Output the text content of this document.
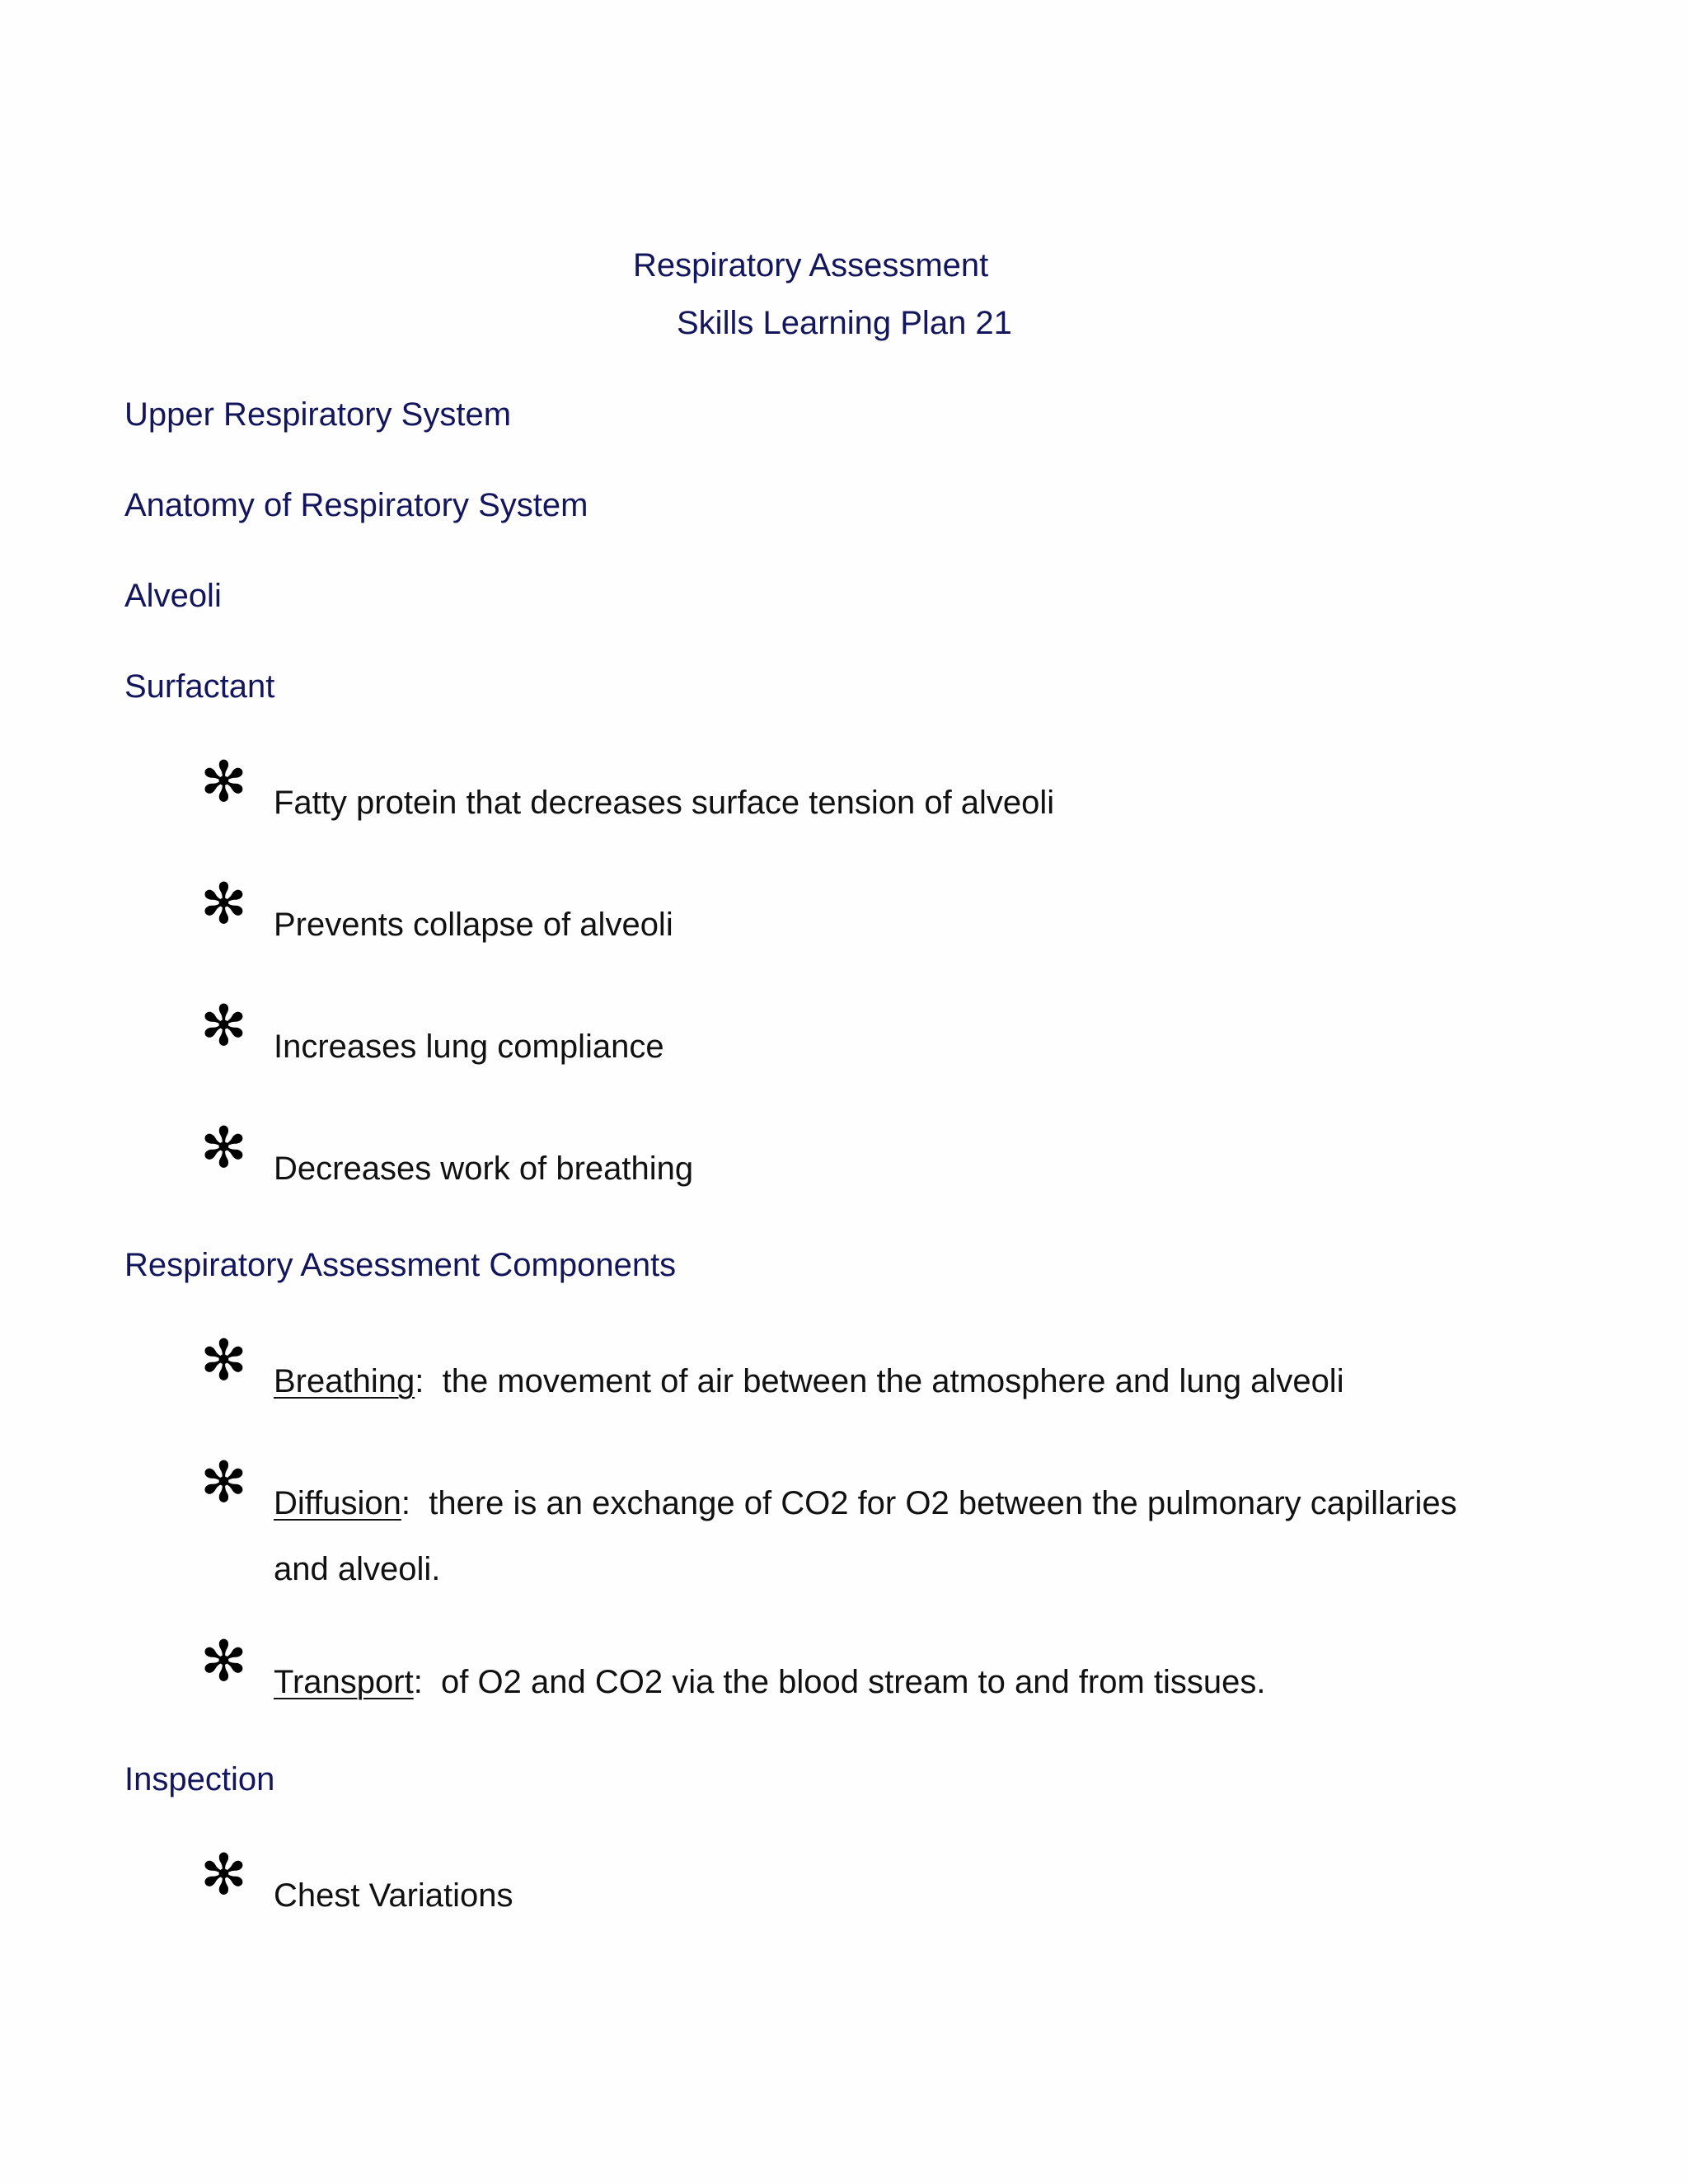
Respiratory Assessment
Skills Learning Plan 21
Upper Respiratory System
Anatomy of Respiratory System
Alveoli
Surfactant
✻ Fatty protein that decreases surface tension of alveoli
✻ Prevents collapse of alveoli
✻ Increases lung compliance
✻ Decreases work of breathing
Respiratory Assessment Components
✻ Breathing:  the movement of air between the atmosphere and lung alveoli
✻ Diffusion:  there is an exchange of CO2 for O2 between the pulmonary capillaries
and alveoli.
✻ Transport:  of O2 and CO2 via the blood stream to and from tissues.
Inspection
✻ Chest Variations
